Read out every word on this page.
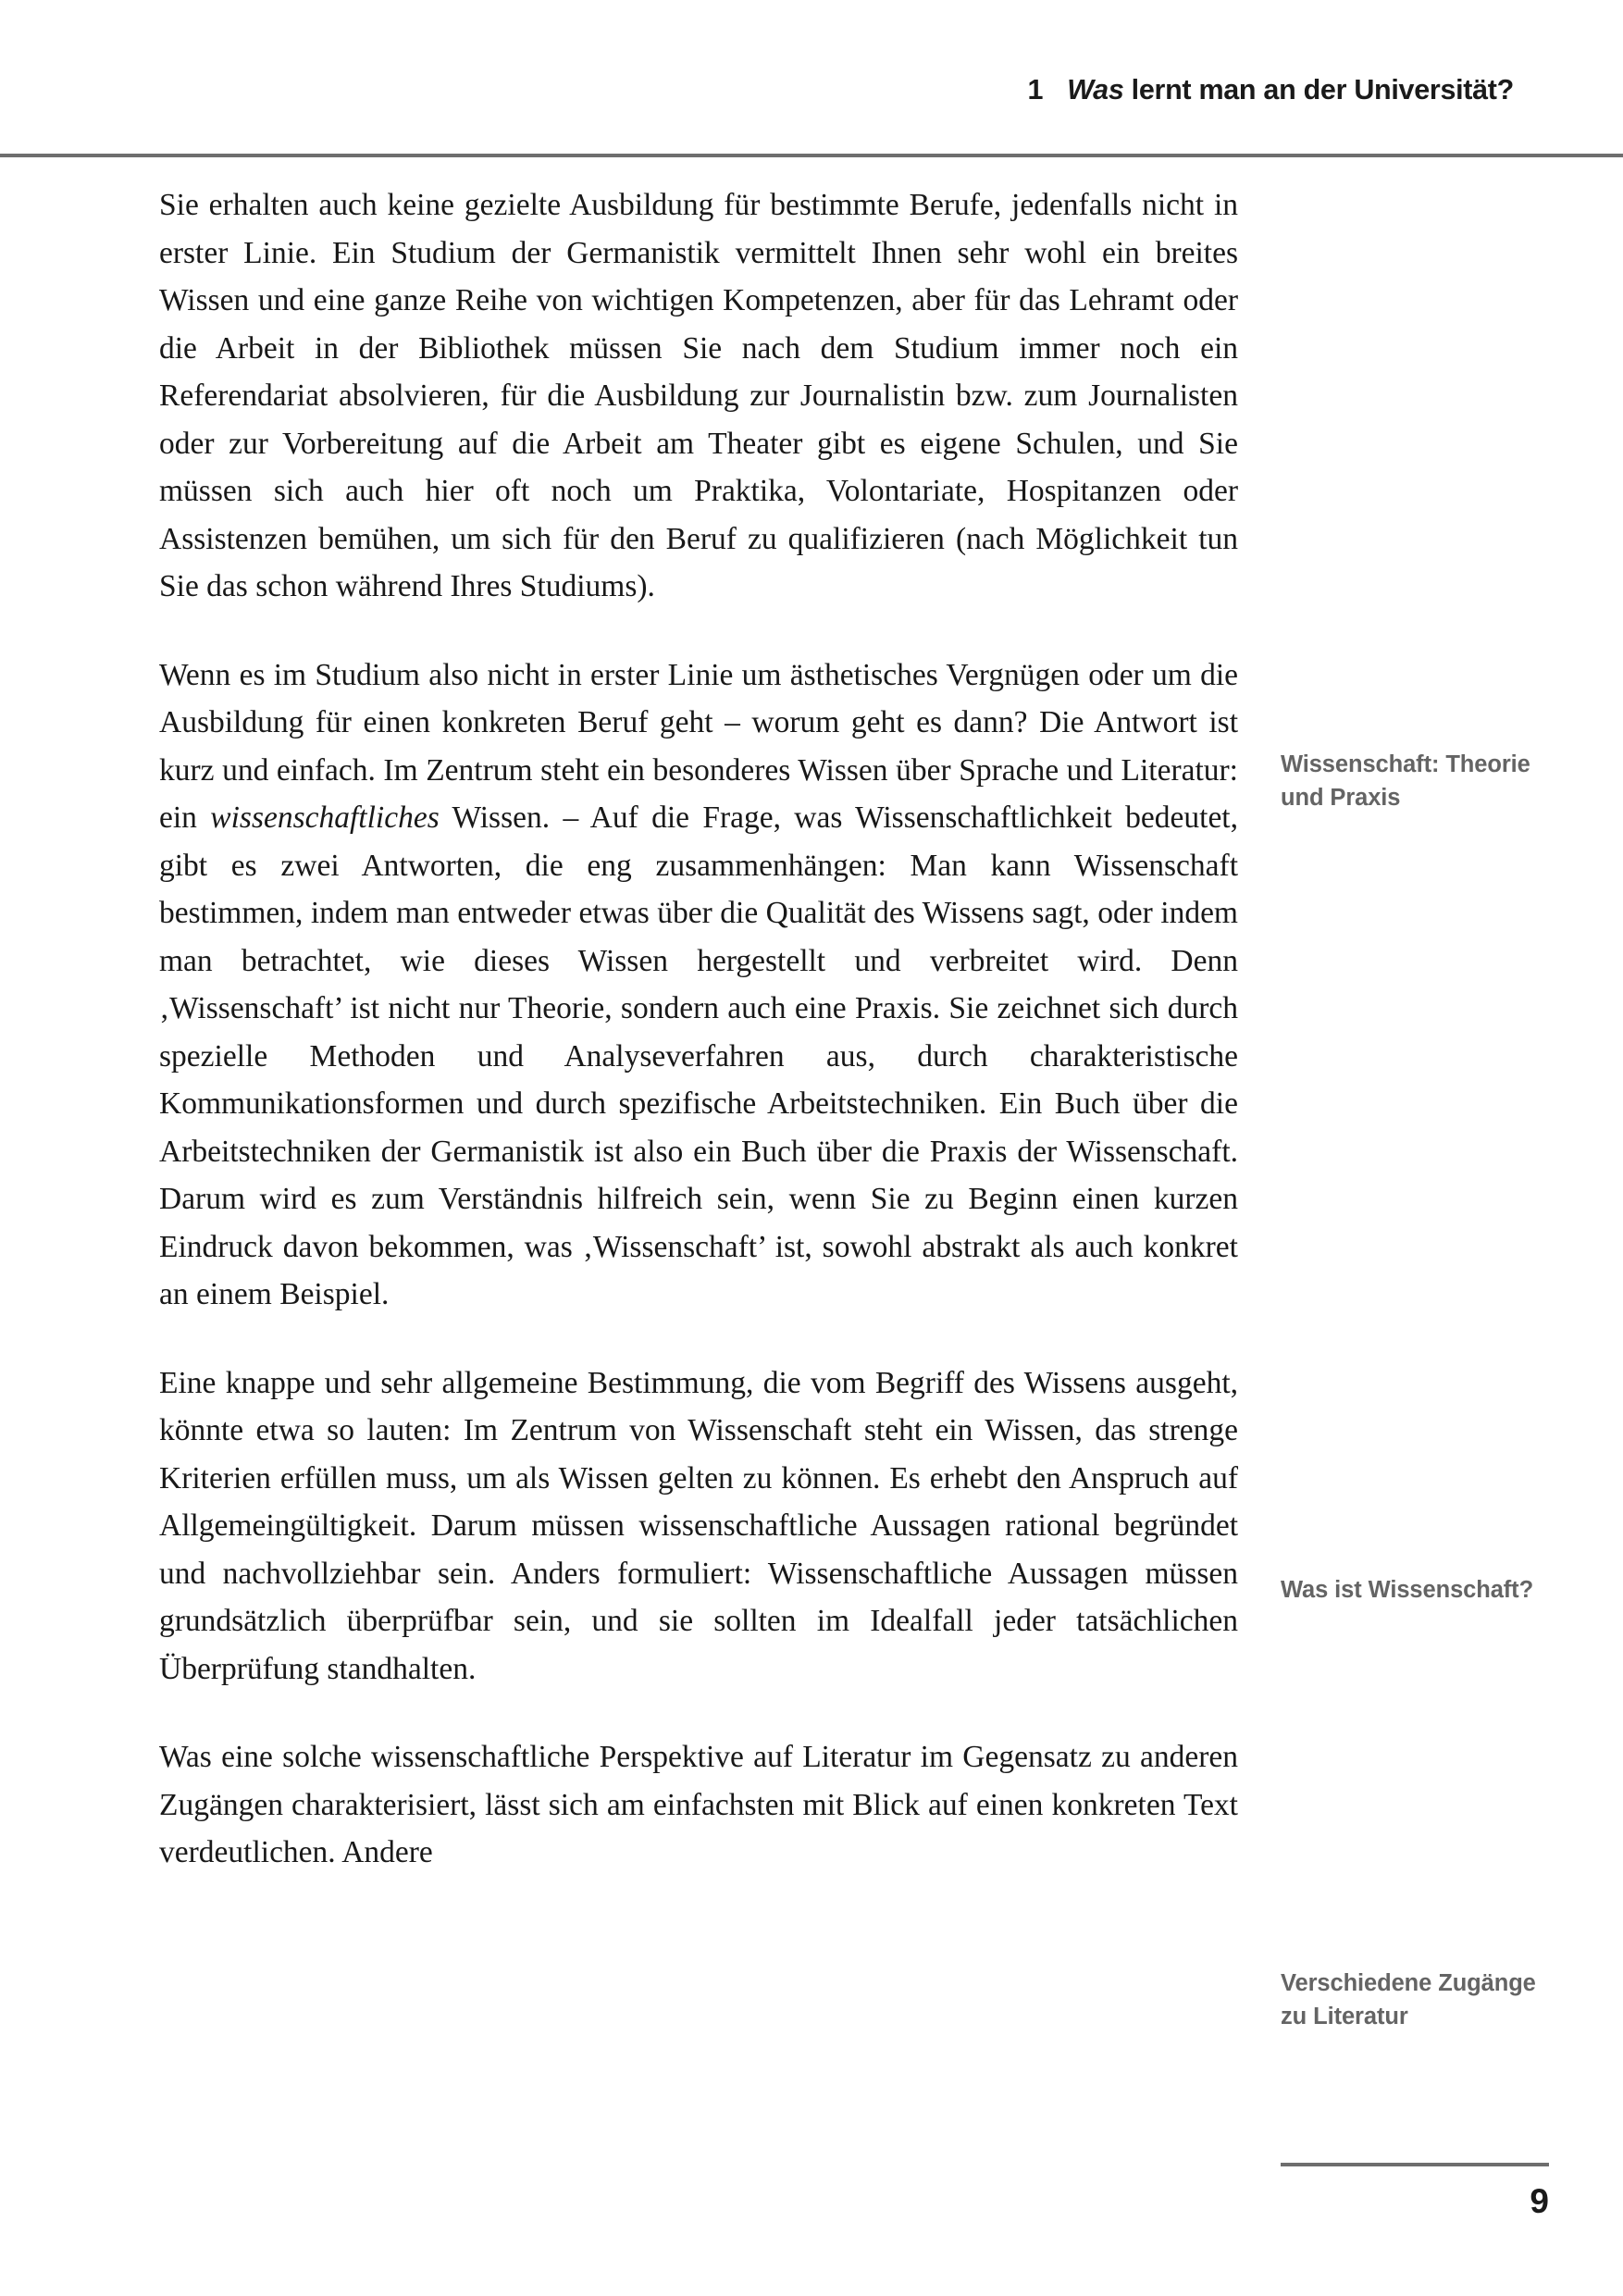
1 Was lernt man an der Universität?

Sie erhalten auch keine gezielte Ausbildung für bestimmte Berufe, jedenfalls nicht in erster Linie. Ein Studium der Germanistik vermittelt Ihnen sehr wohl ein breites Wissen und eine ganze Reihe von wichtigen Kompetenzen, aber für das Lehramt oder die Arbeit in der Bibliothek müssen Sie nach dem Studium immer noch ein Referendariat absolvieren, für die Ausbildung zur Journalistin bzw. zum Journalisten oder zur Vorbereitung auf die Arbeit am Theater gibt es eigene Schulen, und Sie müssen sich auch hier oft noch um Praktika, Volontariate, Hospitanzen oder Assistenzen bemühen, um sich für den Beruf zu qualifizieren (nach Möglichkeit tun Sie das schon während Ihres Studiums).

Wenn es im Studium also nicht in erster Linie um ästhetisches Vergnügen oder um die Ausbildung für einen konkreten Beruf geht – worum geht es dann? Die Antwort ist kurz und einfach. Im Zentrum steht ein besonderes Wissen über Sprache und Literatur: ein wissenschaftliches Wissen. – Auf die Frage, was Wissenschaftlichkeit bedeutet, gibt es zwei Antworten, die eng zusammenhängen: Man kann Wissenschaft bestimmen, indem man entweder etwas über die Qualität des Wissens sagt, oder indem man betrachtet, wie dieses Wissen hergestellt und verbreitet wird. Denn ‚Wissenschaft’ ist nicht nur Theorie, sondern auch eine Praxis. Sie zeichnet sich durch spezielle Methoden und Analyseverfahren aus, durch charakteristische Kommunikationsformen und durch spezifische Arbeitstechniken. Ein Buch über die Arbeitstechniken der Germanistik ist also ein Buch über die Praxis der Wissenschaft. Darum wird es zum Verständnis hilfreich sein, wenn Sie zu Beginn einen kurzen Eindruck davon bekommen, was ‚Wissenschaft’ ist, sowohl abstrakt als auch konkret an einem Beispiel.

Eine knappe und sehr allgemeine Bestimmung, die vom Begriff des Wissens ausgeht, könnte etwa so lauten: Im Zentrum von Wissenschaft steht ein Wissen, das strenge Kriterien erfüllen muss, um als Wissen gelten zu können. Es erhebt den Anspruch auf Allgemeingültigkeit. Darum müssen wissenschaftliche Aussagen rational begründet und nachvollziehbar sein. Anders formuliert: Wissenschaftliche Aussagen müssen grundsätzlich überprüfbar sein, und sie sollten im Idealfall jeder tatsächlichen Überprüfung standhalten.

Was eine solche wissenschaftliche Perspektive auf Literatur im Gegensatz zu anderen Zugängen charakterisiert, lässt sich am einfachsten mit Blick auf einen konkreten Text verdeutlichen. Andere

Wissenschaft: Theorie und Praxis
Was ist Wissenschaft?
Verschiedene Zugänge zu Literatur
9
